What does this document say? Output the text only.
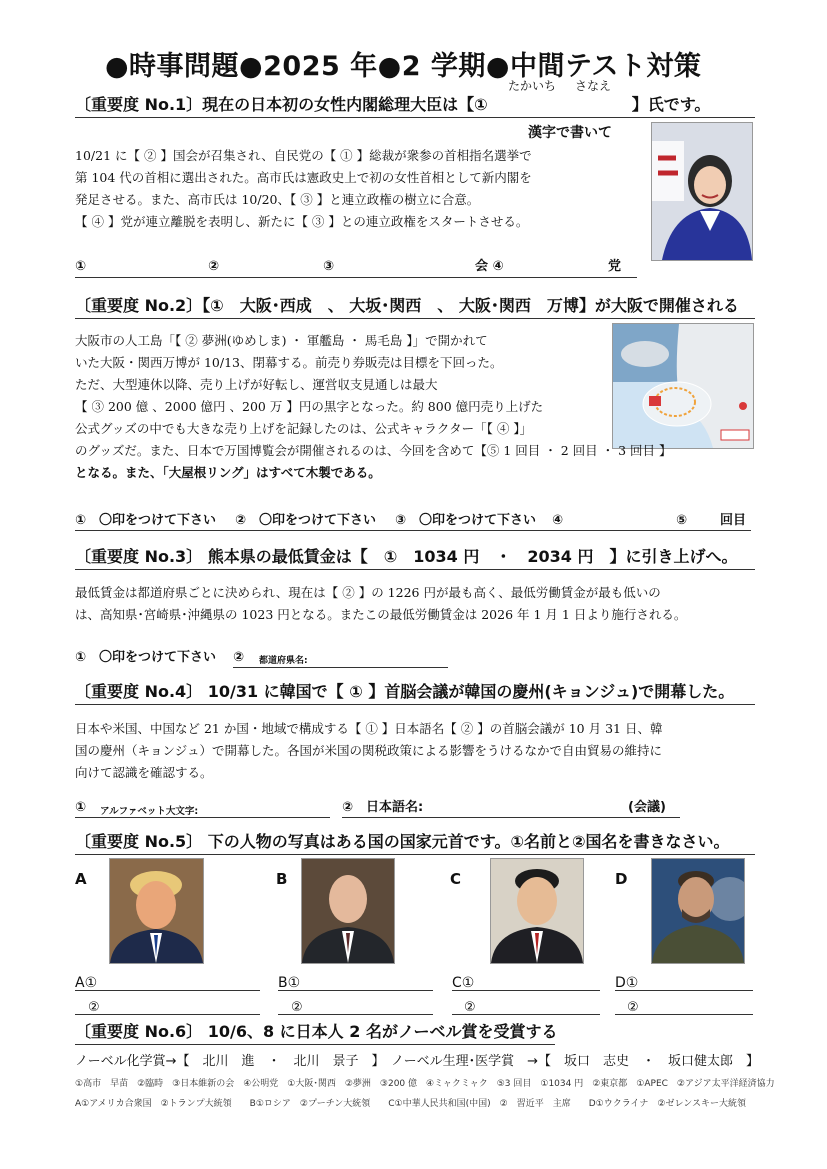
●時事問題●2025 年●2 学期●中間テスト対策
たかいち さなえ
〔重要度 No.1〕現在の日本初の女性内閣総理大臣は【①　　　　　　　　　】氏です。
漢字で書いて
10/21 に【 ② 】国会が召集され、自民党の【 ① 】総裁が衆参の首相指名選挙で
第 104 代の首相に選出された。高市氏は憲政史上で初の女性首相として新内閣を
発足させる。また、高市氏は 10/20、【 ③ 】と連立政権の樹立に合意。
【 ④ 】党が連立離脱を表明し、新たに【 ③ 】との連立政権をスタートさせる。
①	②	③	会 ④	党
〔重要度 No.2〕【①　大阪･西成　、 大坂･関西　、 大阪･関西　万博】が大阪で開催される
大阪市の人工島「【 ② 夢洲(ゆめしま) ・ 軍艦島 ・ 馬毛島 】」で開かれて
いた大阪・関西万博が 10/13、閉幕する。前売り券販売は目標を下回った。
ただ、大型連休以降、売り上げが好転し、運営収支見通しは最大
【 ③ 200 億 、2000 億円 、200 万 】円の黒字となった。約 800 億円売り上げた
公式グッズの中でも大きな売り上げを記録したのは、公式キャラクター「【 ④ 】」
のグッズだ。また、日本で万国博覧会が開催されるのは、今回を含めて【⑤ 1 回目 ・ 2 回目 ・ 3 回目 】
となる。また、「大屋根リング」はすべて木製である。
①　〇印をつけて下さい ②　〇印をつけて下さい ③　〇印をつけて下さい ④	⑤	回目
〔重要度 No.3〕 熊本県の最低賃金は【　①　1034 円　・　2034 円　】に引き上げへ。
最低賃金は都道府県ごとに決められ、現在は【 ② 】の 1226 円が最も高く、最低労働賃金が最も低いの
は、高知県･宮崎県･沖縄県の 1023 円となる。またこの最低労働賃金は 2026 年 1 月 1 日より施行される。
①　〇印をつけて下さい ② 都道府県名:
〔重要度 No.4〕 10/31 に韓国で【 ① 】首脳会議が韓国の慶州(キョンジュ)で開幕した。
日本や米国、中国など 21 か国・地域で構成する【 ① 】日本語名【 ② 】の首脳会議が 10 月 31 日、韓
国の慶州（キョンジュ）で開幕した。各国が米国の関税政策による影響をうけるなかで自由貿易の維持に
向けて認識を確認する。
① アルファベット大文字:	②　日本語名:	(会議)
〔重要度 No.5〕 下の人物の写真はある国の国家元首です。①名前と②国名を書きなさい。
A	B	C	D
A①
②
B①
②
C①
②
D①
②
〔重要度 No.6〕 10/6、8 に日本人 2 名がノーベル賞を受賞する
ノーベル化学賞→【　北川　進　・　北川　景子　】　ノーベル生理･医学賞　→【　坂口　志史　・　坂口健太郎　】
①高市　早苗　②臨時　③日本維新の会　④公明党　①大阪･関西　②夢洲　③200 億　④ミャクミャク　⑤3 回目　①1034 円　②東京都　①APEC　②アジア太平洋経済協力
A①アメリカ合衆国　②トランプ大統領　　B①ロシア　②プーチン大統領　　C①中華人民共和国(中国)　②　習近平　主席　　D①ウクライナ　②ゼレンスキー大統領
